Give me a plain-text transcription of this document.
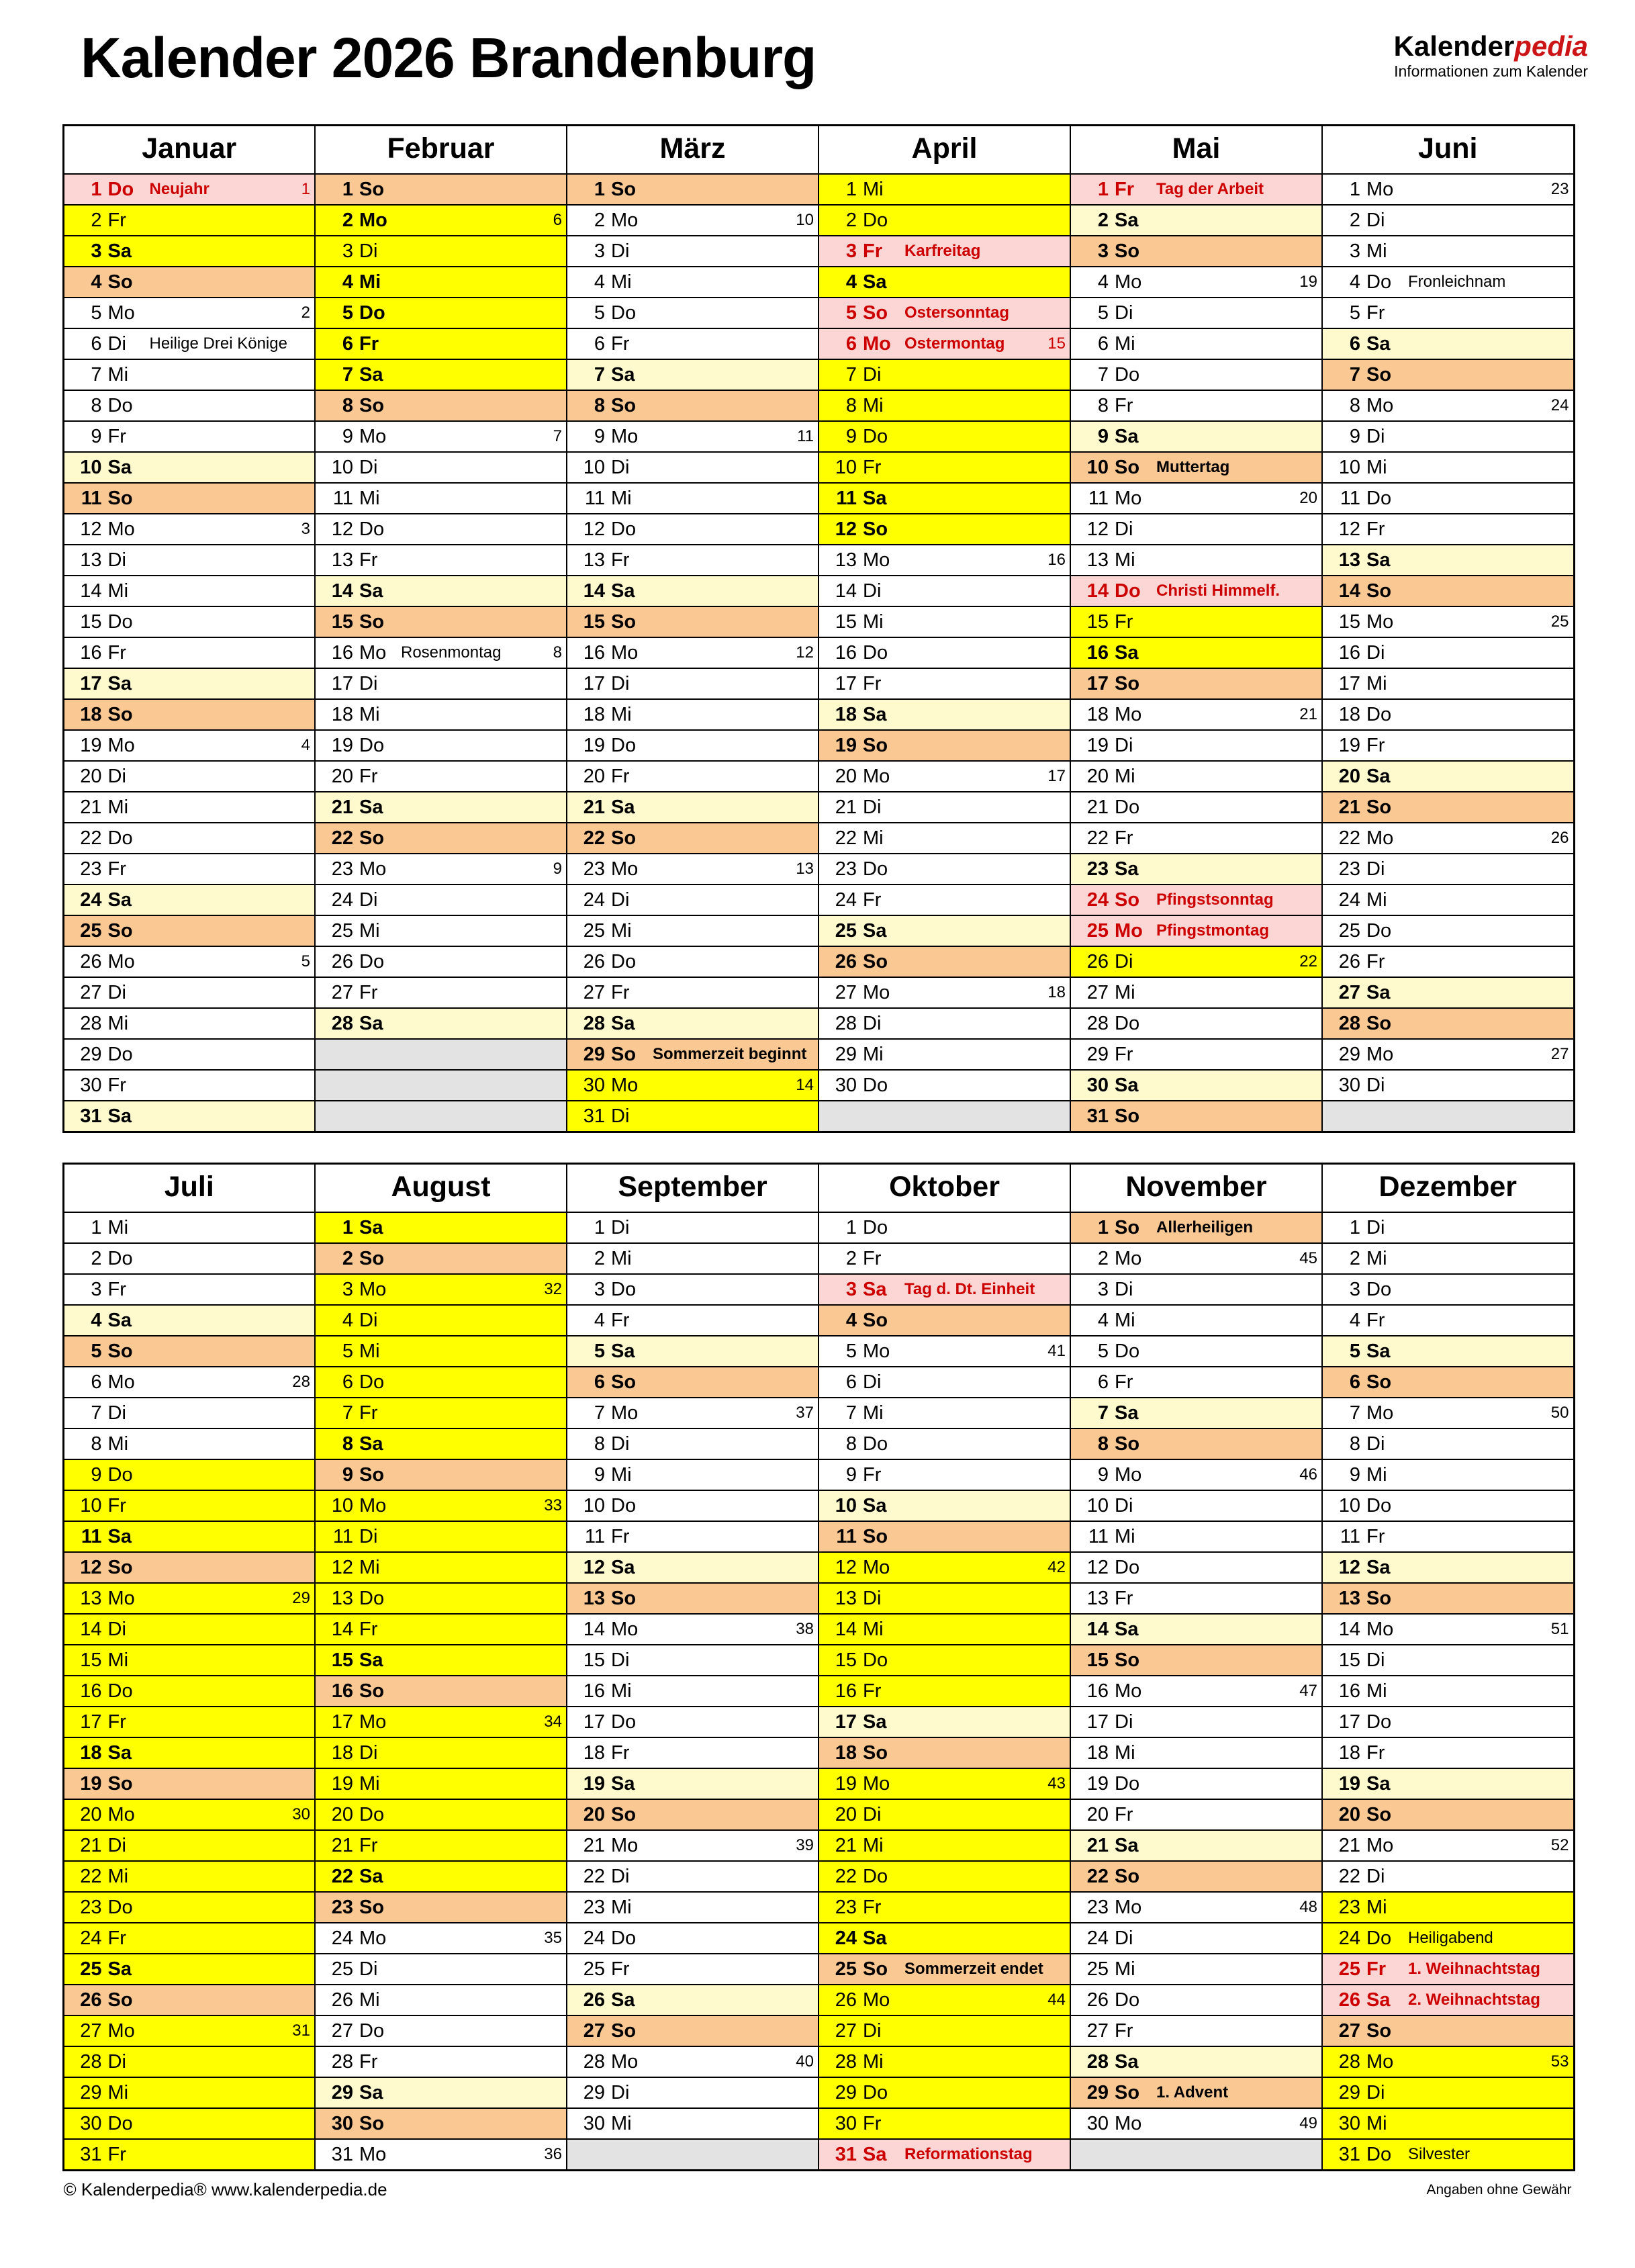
Kalender 2026 Brandenburg	Kalenderpedia
Informationen zum Kalender
Januar	Februar	März	April	Mai	Juni

1 Do Neujahr 1	1 So	1 So	1 Mi	1 Fr Tag der Arbeit	1 Mo 23

2 Fr	2 Mo 6	2 Mo 10	2 Do	2 Sa	2 Di

3 Sa	3 Di	3 Di	3 Fr Karfreitag	3 So	3 Mi

4 So	4 Mi	4 Mi	4 Sa	4 Mo 19	4 Do Fronleichnam

5 Mo 2	5 Do	5 Do	5 So Ostersonntag	5 Di	5 Fr

6 Di Heilige Drei Könige	6 Fr	6 Fr	6 Mo Ostermontag 15	6 Mi	6 Sa

7 Mi	7 Sa	7 Sa	7 Di	7 Do	7 So

8 Do	8 So	8 So	8 Mi	8 Fr	8 Mo 24

9 Fr	9 Mo 7	9 Mo 11	9 Do	9 Sa	9 Di

10 Sa	10 Di	10 Di	10 Fr	10 So Muttertag	10 Mi

11 So	11 Mi	11 Mi	11 Sa	11 Mo 20	11 Do

12 Mo 3	12 Do	12 Do	12 So	12 Di	12 Fr

13 Di	13 Fr	13 Fr	13 Mo 16	13 Mi	13 Sa

14 Mi	14 Sa	14 Sa	14 Di	14 Do Christi Himmelf.	14 So

15 Do	15 So	15 So	15 Mi	15 Fr	15 Mo 25

16 Fr	16 Mo Rosenmontag 8	16 Mo 12	16 Do	16 Sa	16 Di

17 Sa	17 Di	17 Di	17 Fr	17 So	17 Mi

18 So	18 Mi	18 Mi	18 Sa	18 Mo 21	18 Do

19 Mo 4	19 Do	19 Do	19 So	19 Di	19 Fr

20 Di	20 Fr	20 Fr	20 Mo 17	20 Mi	20 Sa

21 Mi	21 Sa	21 Sa	21 Di	21 Do	21 So

22 Do	22 So	22 So	22 Mi	22 Fr	22 Mo 26

23 Fr	23 Mo 9	23 Mo 13	23 Do	23 Sa	23 Di

24 Sa	24 Di	24 Di	24 Fr	24 So Pfingstsonntag	24 Mi

25 So	25 Mi	25 Mi	25 Sa	25 Mo Pfingstmontag	25 Do

26 Mo 5	26 Do	26 Do	26 So	26 Di 22	26 Fr

27 Di	27 Fr	27 Fr	27 Mo 18	27 Mi	27 Sa

28 Mi	28 Sa	28 Sa	28 Di	28 Do	28 So

29 Do		29 So Sommerzeit beginnt	29 Mi	29 Fr	29 Mo 27

30 Fr		30 Mo 14	30 Do	30 Sa	30 Di

31 Sa		31 Di		31 So	

Juli	August	September	Oktober	November	Dezember

1 Mi	1 Sa	1 Di	1 Do	1 So Allerheiligen	1 Di

2 Do	2 So	2 Mi	2 Fr	2 Mo 45	2 Mi

3 Fr	3 Mo 32	3 Do	3 Sa Tag d. Dt. Einheit	3 Di	3 Do

4 Sa	4 Di	4 Fr	4 So	4 Mi	4 Fr

5 So	5 Mi	5 Sa	5 Mo 41	5 Do	5 Sa

6 Mo 28	6 Do	6 So	6 Di	6 Fr	6 So

7 Di	7 Fr	7 Mo 37	7 Mi	7 Sa	7 Mo 50

8 Mi	8 Sa	8 Di	8 Do	8 So	8 Di

9 Do	9 So	9 Mi	9 Fr	9 Mo 46	9 Mi

10 Fr	10 Mo 33	10 Do	10 Sa	10 Di	10 Do

11 Sa	11 Di	11 Fr	11 So	11 Mi	11 Fr

12 So	12 Mi	12 Sa	12 Mo 42	12 Do	12 Sa

13 Mo 29	13 Do	13 So	13 Di	13 Fr	13 So

14 Di	14 Fr	14 Mo 38	14 Mi	14 Sa	14 Mo 51

15 Mi	15 Sa	15 Di	15 Do	15 So	15 Di

16 Do	16 So	16 Mi	16 Fr	16 Mo 47	16 Mi

17 Fr	17 Mo 34	17 Do	17 Sa	17 Di	17 Do

18 Sa	18 Di	18 Fr	18 So	18 Mi	18 Fr

19 So	19 Mi	19 Sa	19 Mo 43	19 Do	19 Sa

20 Mo 30	20 Do	20 So	20 Di	20 Fr	20 So

21 Di	21 Fr	21 Mo 39	21 Mi	21 Sa	21 Mo 52

22 Mi	22 Sa	22 Di	22 Do	22 So	22 Di

23 Do	23 So	23 Mi	23 Fr	23 Mo 48	23 Mi

24 Fr	24 Mo 35	24 Do	24 Sa	24 Di	24 Do Heiligabend

25 Sa	25 Di	25 Fr	25 So Sommerzeit endet	25 Mi	25 Fr 1. Weihnachtstag

26 So	26 Mi	26 Sa	26 Mo 44	26 Do	26 Sa 2. Weihnachtstag

27 Mo 31	27 Do	27 So	27 Di	27 Fr	27 So

28 Di	28 Fr	28 Mo 40	28 Mi	28 Sa	28 Mo 53

29 Mi	29 Sa	29 Di	29 Do	29 So 1. Advent	29 Di

30 Do	30 So	30 Mi	30 Fr	30 Mo 49	30 Mi

31 Fr	31 Mo 36		31 Sa Reformationstag		31 Do Silvester
© Kalenderpedia® www.kalenderpedia.de	Angaben ohne Gewähr
